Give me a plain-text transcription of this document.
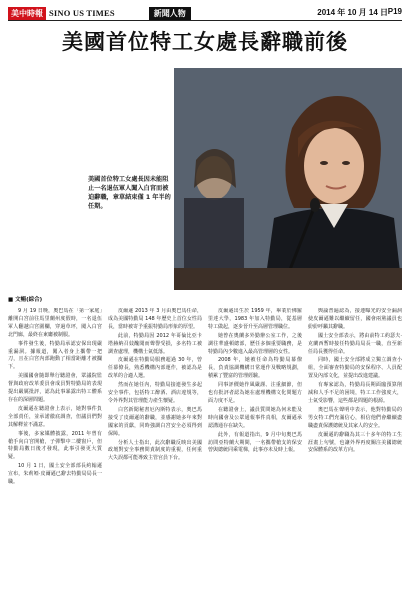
美中時報 SINO US TIMES	新聞人物	2014 年 10 月 14 日 P19
美國首位特工女處長辭職前後
美國首位特工女處長因未能阻止一名退伍軍人闖入白宮而被迫辭職，章草結束僅 1 年半的任期。
■ 文暢(綜合)

9 月 19 日晚，奧巴馬在「第一家庭」離開白宮前往馬里蘭州度假時，一名退伍軍人翻越白宮圍欄，穿過草坪，闖入白宮北門廊，最終在東廳被制服。

事件發生後，特勤局承認安保出現嚴重漏洞。據報道，闖入者身上攜帶一把刀，且在白宮內部跑動了相當距離才被攔下。

美國國會隨即舉行聽證會，眾議院監督與政府改革委員會成員對特勤局的表現提出嚴厲批評，認為此事暴露出特工體系存在的深層問題。

皮爾遜在聽證會上表示，她對事件負全部責任，並承諾徹底調查，但議員們對其解釋並不滿意。

事後，多家媒體披露，2011 年曾有槍手向白宮開槍，子彈擊中二樓窗戶，但特勤局數日後才發現，此事引發更大質疑。

10 月 1 日，國土安全部部長約翰遜宣布，朱莉婭·皮爾遜已辭去特勤局局長一職。

皮爾遜 2013 年 3 月由奧巴馬任命，成為美國特勤局 148 年歷史上首位女性局長，當時被寄予重振特勤局形象的厚望。

此前，特勤局因 2012 年哥倫比亞卡塔赫納召妓醜聞而聲譽受損，多名特工被調查處理，機構士氣低落。

皮爾遜在特勤局服務超過 30 年，曾任幕僚長，熟悉機構內部運作，被認為是改革的合適人選。

然而在她任內，特勤局接連發生多起安全事件，包括特工醉酒、酒店違規等，令外界對其管理能力產生懷疑。

白宮新聞秘書厄內斯特表示，奧巴馬接受了皮爾遜的辭職，並感謝她多年來對國家的貢獻，同時強調白宮安全必須得到保障。

分析人士指出，此次辭職反映出美國政壇對安全事務問責制度的重視，任何重大失誤都可能導致主管官員下台。

皮爾遜出生於 1959 年，畢業於佛羅里達大學，1983 年加入特勤局，從基層特工做起，逐步晉升至高層管理職位。

她曾在奧蘭多外勤辦公室工作，之後調往華盛頓總部，歷任多個重要職務，是特勤局內少數進入最高管理層的女性。

2008 年，她被任命為特勤局幕僚長，負責協調機構日常運作及戰略規劃，積累了豐富的管理經驗。

同事評價她作風嚴謹、注重細節，但也有批評者認為她在處理機構文化問題方面力度不足。

在聽證會上，議員質問她為何未能及時向國會及公眾通報事件真相，皮爾遜承認溝通存在缺失。

此外，有報道指出，9 月中旬奧巴馬訪問亞特蘭大期間，一名攜帶槍支的保安曾與總統同乘電梯，此事亦未及時上報。

輿論普遍認為，接連曝光的安全漏洞使皮爾遜難以繼續留任，國會兩黨議員也紛紛呼籲其辭職。

國土安全部表示，將由前特工約瑟夫·克蘭西暫時接任特勤局局長一職，直至新任局長獲得任命。

同時，國土安全部將成立獨立調查小組，全面審查特勤局的安保程序、人員配置及內部文化，並提出改進建議。

有專家認為，特勤局長期面臨預算削減和人手不足的困境，特工工作強度大，士氣受影響，這些都是問題的根源。

奧巴馬在聲明中表示，他對特勤局的男女特工們充滿信心，相信他們會繼續盡職盡責保護總統及其家人的安全。

皮爾遜的辭職為其三十多年的特工生涯畫上句號，也讓外界再度關注美國總統安保體系的改革方向。
